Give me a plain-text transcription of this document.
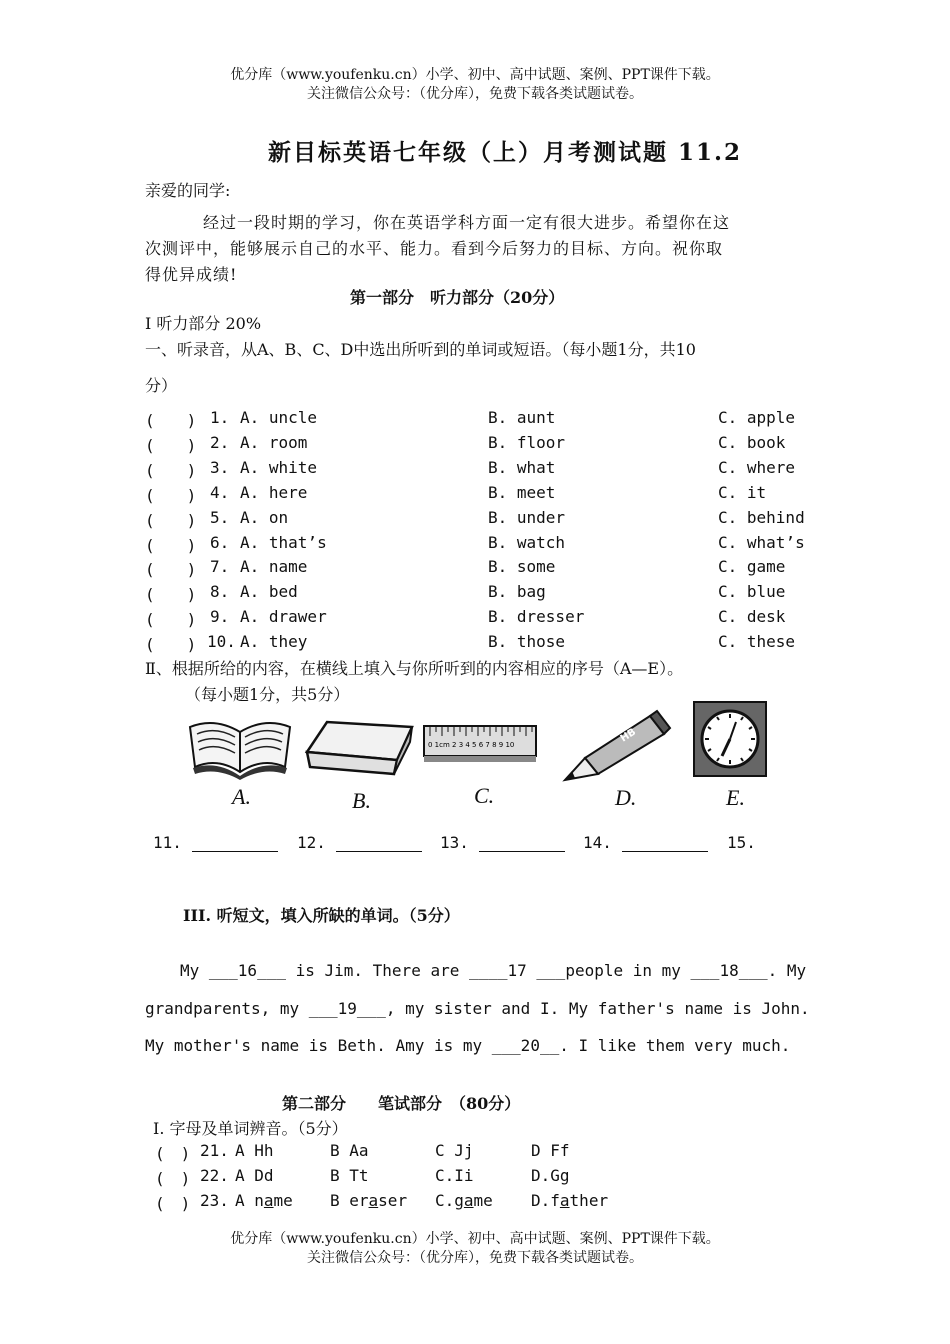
优分库（www.youfenku.cn）小学、初中、高中试题、案例、PPT课件下载。
关注微信公众号：（优分库），免费下载各类试题试卷。
新目标英语七年级（上）月考测试题 11.2
亲爱的同学:
经过一段时期的学习，你在英语学科方面一定有很大进步。希望你在这
次测评中，能够展示自己的水平、能力。看到今后努力的目标、方向。祝你取
得优异成绩!
第一部分　听力部分（20分）
I 听力部分 20%
一、听录音，从A、B、C、D中选出所听到的单词或短语。（每小题1分，共10
分）
(　　) 1. A. uncle	B. aunt	C. apple
(　　) 2. A. room	B. floor	C. book
(　　) 3. A. white	B. what	C. where
(　　) 4. A. here	B. meet	C. it
(　　) 5. A. on	B. under	C. behind
(　　) 6. A. that’s	B. watch	C. what’s
(　　) 7. A. name	B. some	C. game
(　　) 8. A. bed	B. bag	C. blue
(　　) 9. A. drawer	B. dresser	C. desk
(　　) 10. A. they	B. those	C. these
Ⅱ、根据所给的内容，在横线上填入与你所听到的内容相应的序号（A—E）。
（每小题1分，共5分）
0 1cm 2 3 4 5 6 7 8 9 10
HB
A.	B.	C.	D.	E.
11.	12.	13.	14.	15.
III. 听短文，填入所缺的单词。（5分）
My ___16___ is Jim. There are ____17 ___people in my ___18___. My
grandparents, my ___19___, my sister and I. My father's name is John.
My mother's name is Beth. Amy is my ___20__. I like them very much.
第二部分　　笔试部分　（80分）
I. 字母及单词辨音。（5分）
(　) 21. A Hh	B Aa	C Jj	D Ff
(　) 22. A Dd	B Tt	C.Ii	D.Gg
(　) 23. A name B eraser C.game D.father
优分库（www.youfenku.cn）小学、初中、高中试题、案例、PPT课件下载。
关注微信公众号：（优分库），免费下载各类试题试卷。
